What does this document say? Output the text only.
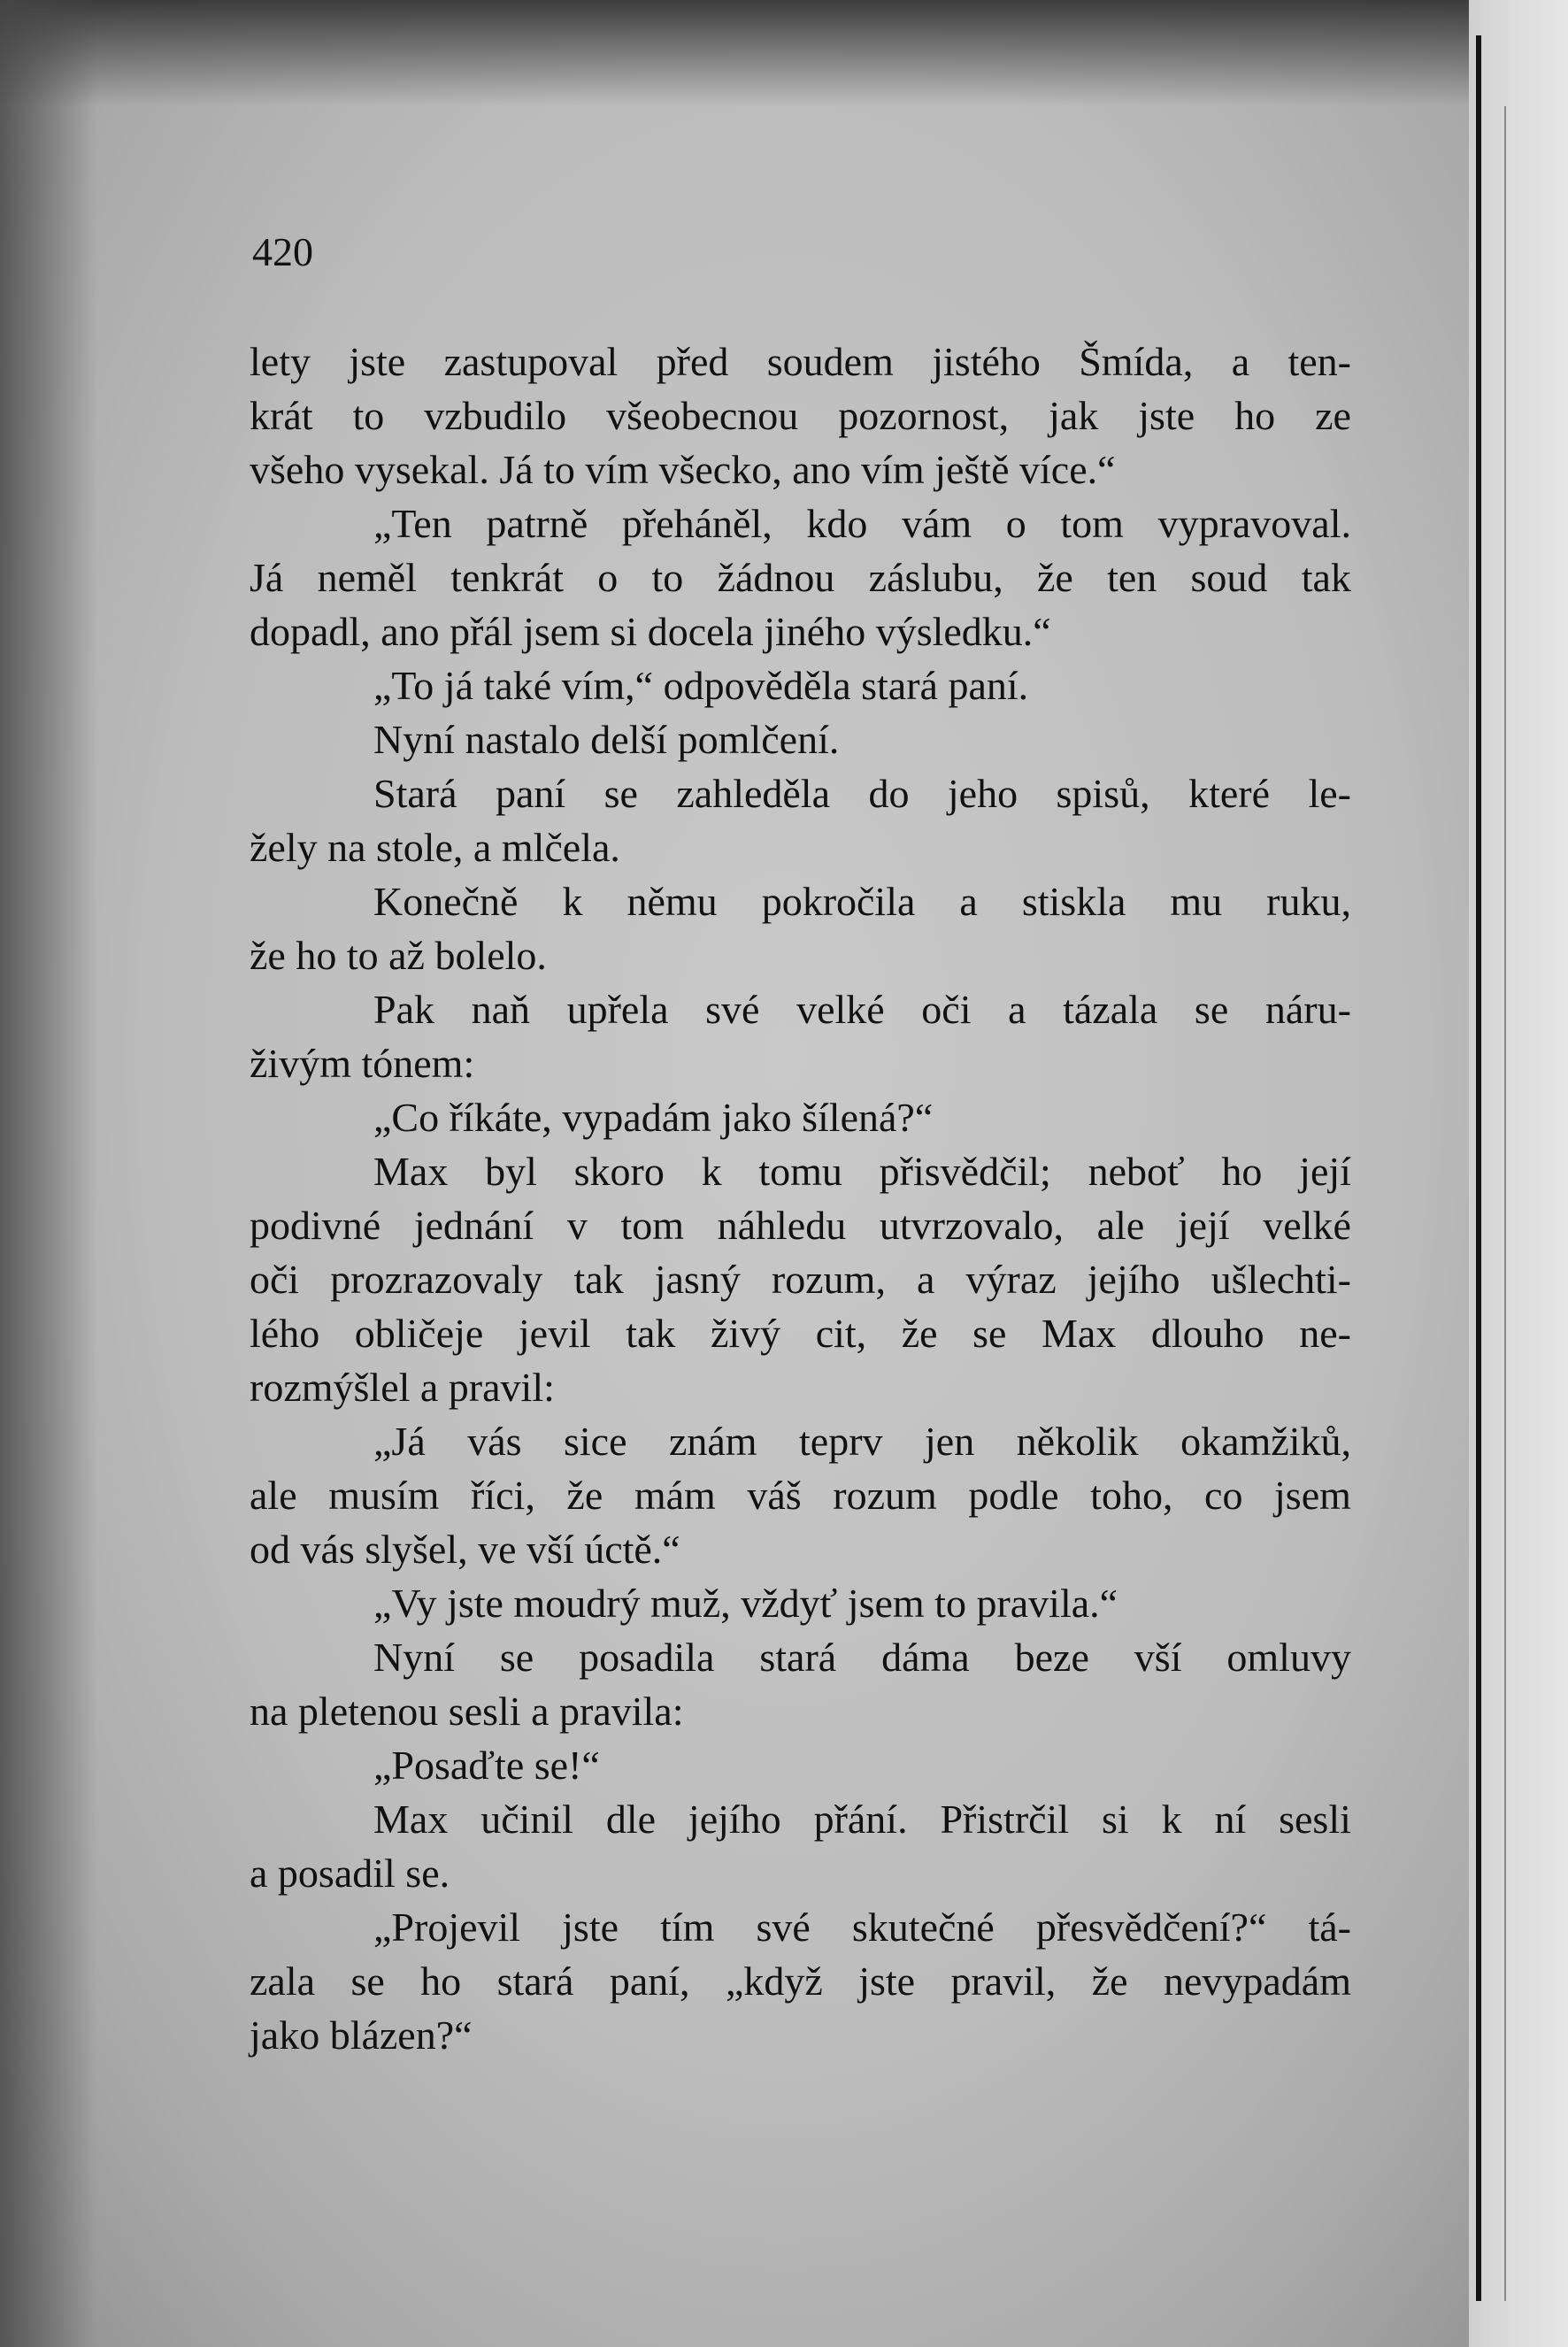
420

lety jste zastupoval před soudem jistého Šmída, a ten-
krát to vzbudilo všeobecnou pozornost, jak jste ho ze
všeho vysekal. Já to vím všecko, ano vím ještě více.“
„Ten patrně přeháněl, kdo vám o tom vypravoval.
Já neměl tenkrát o to žádnou záslubu, že ten soud tak
dopadl, ano přál jsem si docela jiného výsledku.“
„To já také vím,“ odpověděla stará paní.
Nyní nastalo delší pomlčení.
Stará paní se zahleděla do jeho spisů, které le-
žely na stole, a mlčela.
Konečně k němu pokročila a stiskla mu ruku,
že ho to až bolelo.
Pak naň upřela své velké oči a tázala se náru-
živým tónem:
„Co říkáte, vypadám jako šílená?“
Max byl skoro k tomu přisvědčil; neboť ho její
podivné jednání v tom náhledu utvrzovalo, ale její velké
oči prozrazovaly tak jasný rozum, a výraz jejího ušlechti-
lého obličeje jevil tak živý cit, že se Max dlouho ne-
rozmýšlel a pravil:
„Já vás sice znám teprv jen několik okamžiků,
ale musím říci, že mám váš rozum podle toho, co jsem
od vás slyšel, ve vší úctě.“
„Vy jste moudrý muž, vždyť jsem to pravila.“
Nyní se posadila stará dáma beze vší omluvy
na pletenou sesli a pravila:
„Posaďte se!“
Max učinil dle jejího přání. Přistrčil si k ní sesli
a posadil se.
„Projevil jste tím své skutečné přesvědčení?“ tá-
zala se ho stará paní, „když jste pravil, že nevypadám
jako blázen?“
